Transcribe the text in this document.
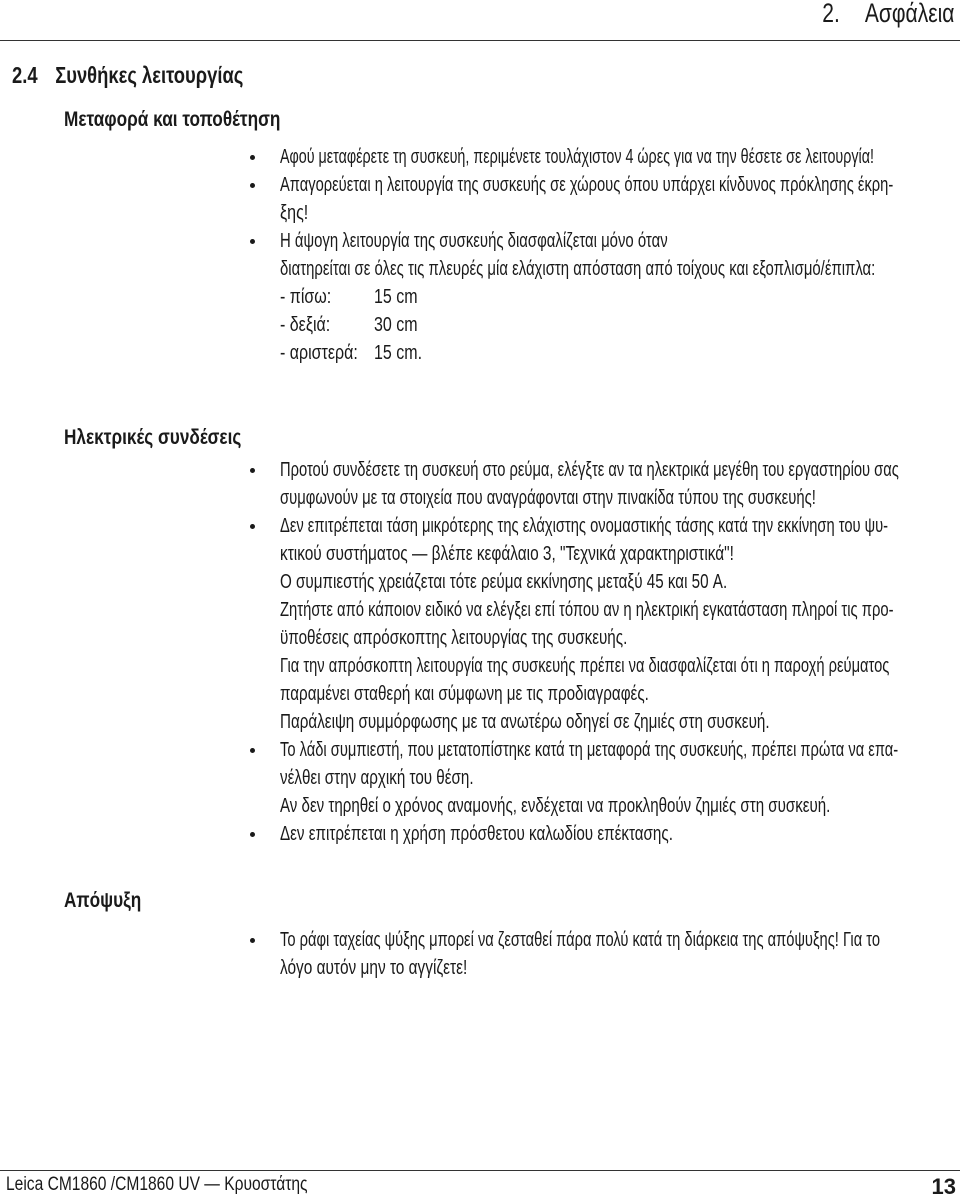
2. Ασφάλεια
2.4 Συνθήκες λειτουργίας
Μεταφορά και τοποθέτηση
Αφού μεταφέρετε τη συσκευή, περιμένετε τουλάχιστον 4 ώρες για να την θέσετε σε λειτουργία!
Απαγορεύεται η λειτουργία της συσκευής σε χώρους όπου υπάρχει κίνδυνος πρόκλησης έκρη-
ξης!
Η άψογη λειτουργία της συσκευής διασφαλίζεται μόνο όταν
διατηρείται σε όλες τις πλευρές μία ελάχιστη απόσταση από τοίχους και εξοπλισμό/έπιπλα:
- πίσω: 15 cm
- δεξιά: 30 cm
- αριστερά: 15 cm.
Ηλεκτρικές συνδέσεις
Προτού συνδέσετε τη συσκευή στο ρεύμα, ελέγξτε αν τα ηλεκτρικά μεγέθη του εργαστηρίου σας
συμφωνούν με τα στοιχεία που αναγράφονται στην πινακίδα τύπου της συσκευής!
Δεν επιτρέπεται τάση μικρότερης της ελάχιστης ονομαστικής τάσης κατά την εκκίνηση του ψυ-
κτικού συστήματος — βλέπε κεφάλαιο 3, "Τεχνικά χαρακτηριστικά"!
Ο συμπιεστής χρειάζεται τότε ρεύμα εκκίνησης μεταξύ 45 και 50 A.
Ζητήστε από κάποιον ειδικό να ελέγξει επί τόπου αν η ηλεκτρική εγκατάσταση πληροί τις προ-
ϋποθέσεις απρόσκοπτης λειτουργίας της συσκευής.
Για την απρόσκοπτη λειτουργία της συσκευής πρέπει να διασφαλίζεται ότι η παροχή ρεύματος
παραμένει σταθερή και σύμφωνη με τις προδιαγραφές.
Παράλειψη συμμόρφωσης με τα ανωτέρω οδηγεί σε ζημιές στη συσκευή.
Το λάδι συμπιεστή, που μετατοπίστηκε κατά τη μεταφορά της συσκευής, πρέπει πρώτα να επα-
νέλθει στην αρχική του θέση.
Αν δεν τηρηθεί ο χρόνος αναμονής, ενδέχεται να προκληθούν ζημιές στη συσκευή.
Δεν επιτρέπεται η χρήση πρόσθετου καλωδίου επέκτασης.
Απόψυξη
Το ράφι ταχείας ψύξης μπορεί να ζεσταθεί πάρα πολύ κατά τη διάρκεια της απόψυξης! Για το
λόγο αυτόν μην το αγγίζετε!
Leica CM1860 /CM1860 UV — Κρυοστάτης	13
